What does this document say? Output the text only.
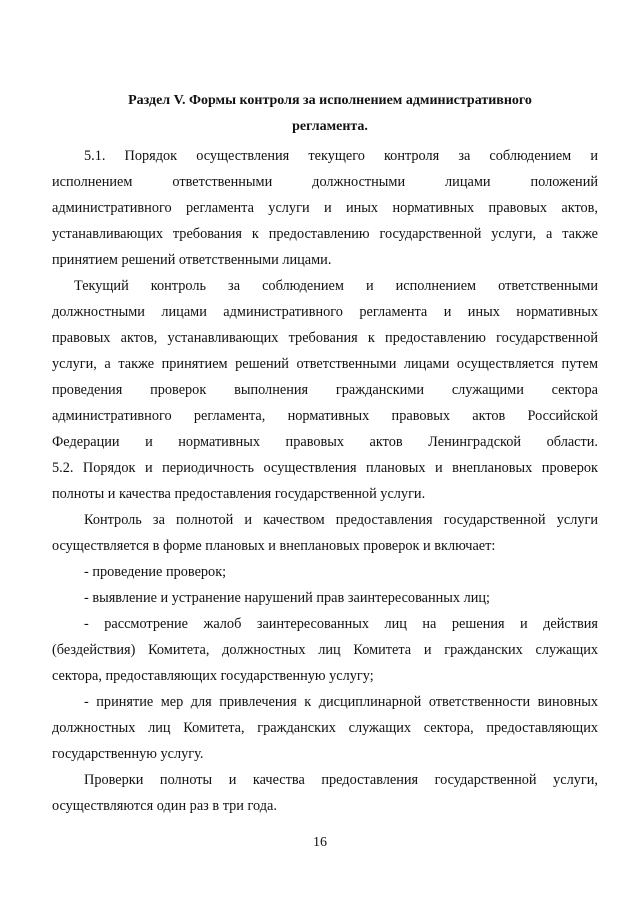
Раздел V. Формы контроля за исполнением административного
регламента.
5.1. Порядок осуществления текущего контроля за соблюдением и
исполнением ответственными должностными лицами положений
административного регламента услуги и иных нормативных правовых актов,
устанавливающих требования к предоставлению государственной услуги, а также
принятием решений ответственными лицами.
Текущий контроль за соблюдением и исполнением ответственными
должностными лицами административного регламента и иных нормативных
правовых актов, устанавливающих требования к предоставлению государственной
услуги, а также принятием решений ответственными лицами осуществляется путем
проведения проверок выполнения гражданскими служащими сектора
административного регламента, нормативных правовых актов Российской
Федерации и нормативных правовых актов Ленинградской области.
5.2. Порядок и периодичность осуществления плановых и внеплановых проверок
полноты и качества предоставления государственной услуги.
Контроль за полнотой и качеством предоставления государственной услуги
осуществляется в форме плановых и внеплановых проверок и включает:
- проведение проверок;
- выявление и устранение нарушений прав заинтересованных лиц;
- рассмотрение жалоб заинтересованных лиц на решения и действия
(бездействия) Комитета, должностных лиц Комитета и гражданских служащих
сектора, предоставляющих государственную услугу;
- принятие мер для привлечения к дисциплинарной ответственности виновных
должностных лиц Комитета, гражданских служащих сектора, предоставляющих
государственную услугу.
Проверки полноты и качества предоставления государственной услуги,
осуществляются один раз в три года.
16
